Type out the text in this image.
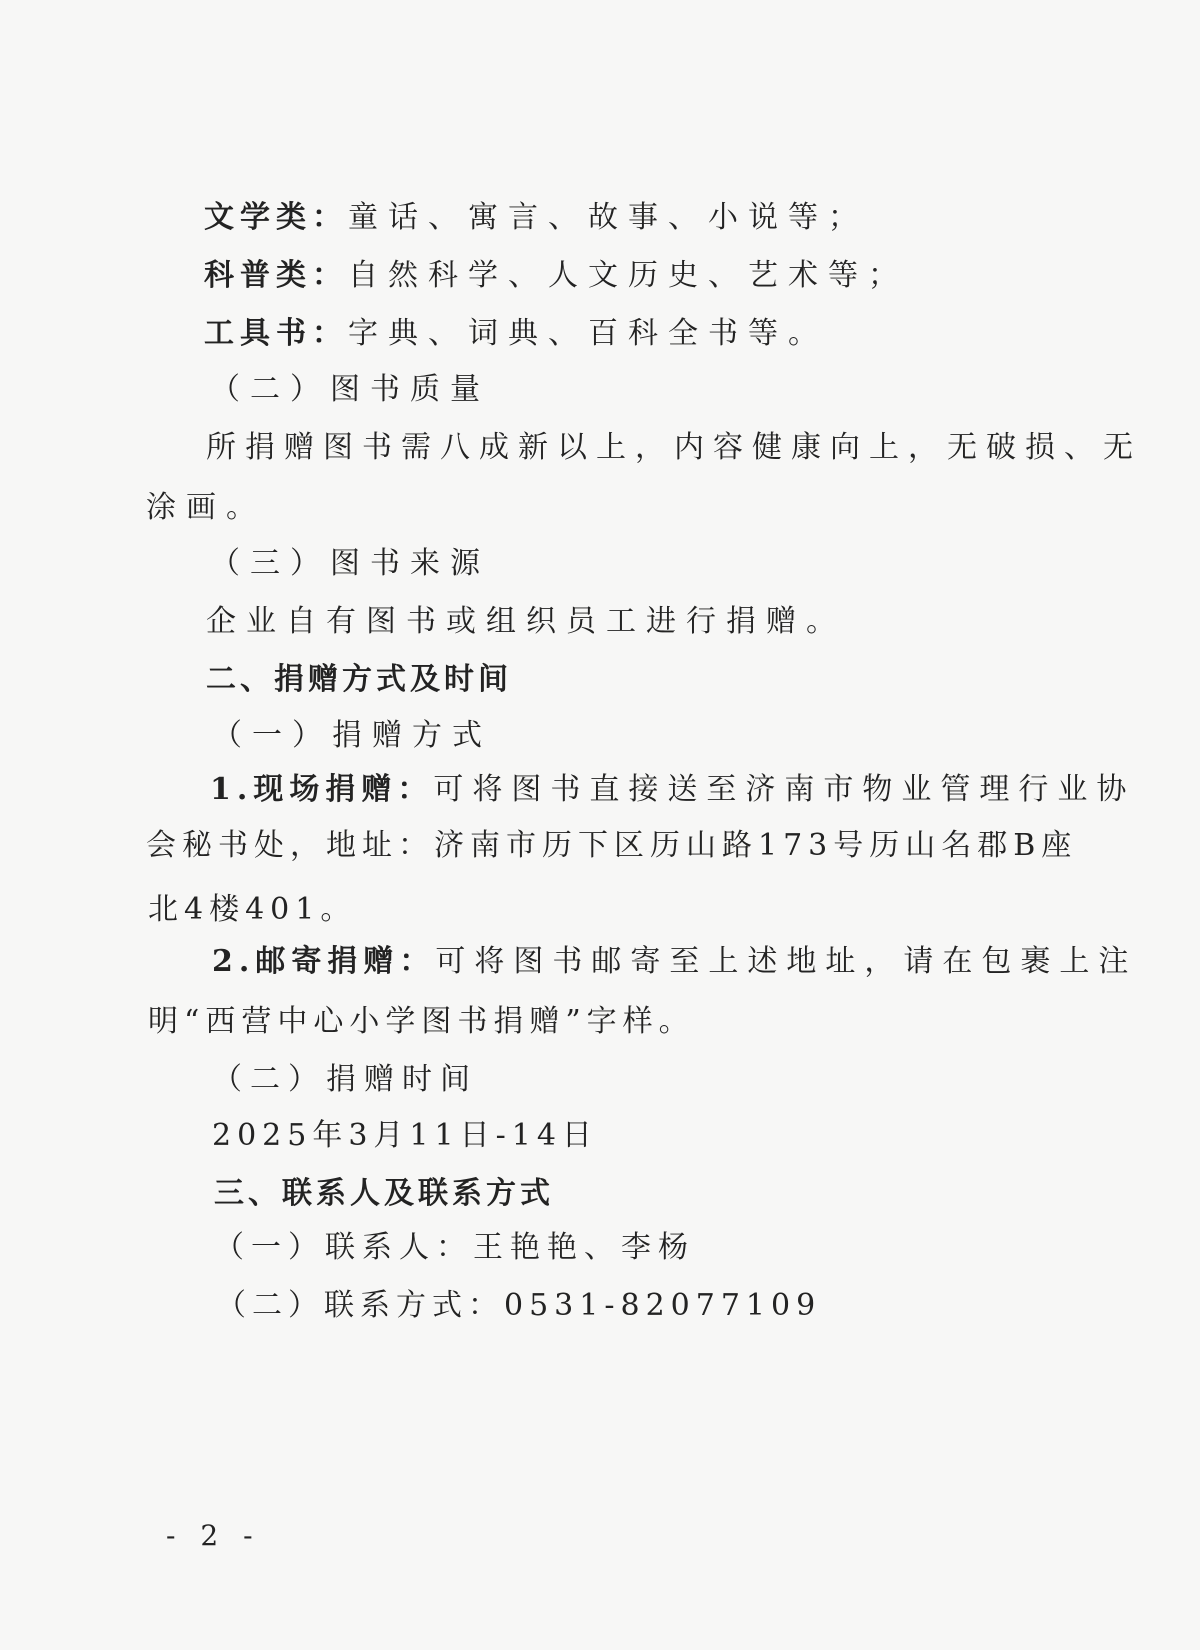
文学类：童话、寓言、故事、小说等；
科普类：自然科学、人文历史、艺术等；
工具书：字典、词典、百科全书等。
（二）图书质量
所捐赠图书需八成新以上，内容健康向上，无破损、无
涂画。
（三）图书来源
企业自有图书或组织员工进行捐赠。
二、捐赠方式及时间
（一）捐赠方式
1.现场捐赠：可将图书直接送至济南市物业管理行业协
会秘书处，地址：济南市历下区历山路173号历山名郡B座
北4楼401。
2.邮寄捐赠：可将图书邮寄至上述地址，请在包裹上注
明“西营中心小学图书捐赠”字样。
（二）捐赠时间
2025年3月11日-14日
三、联系人及联系方式
（一）联系人：王艳艳、李杨
（二）联系方式：0531-82077109
- 2 -
